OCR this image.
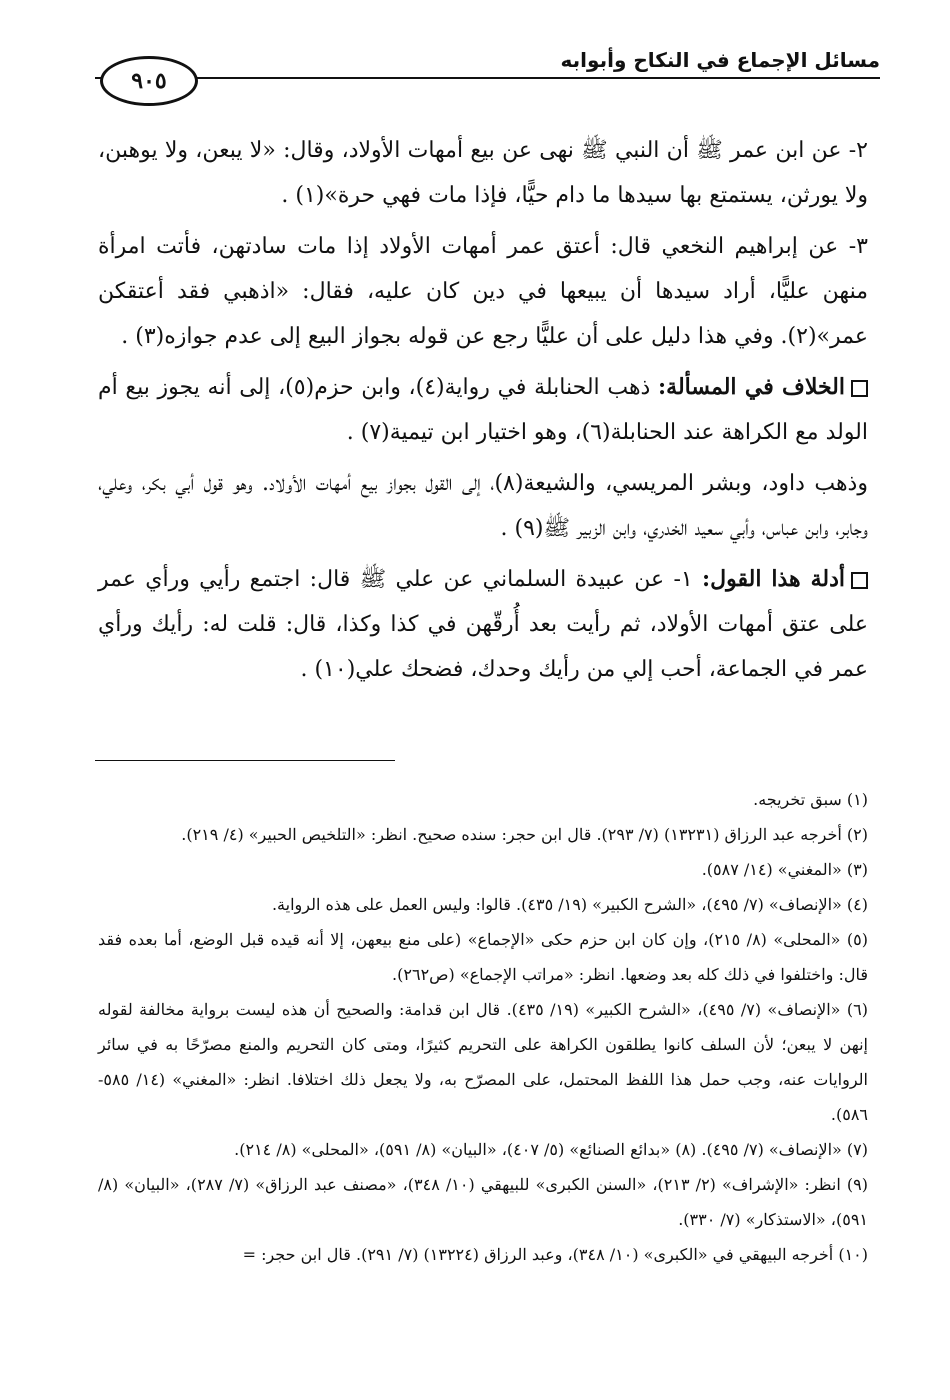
مسائل الإجماع في النكاح وأبوابه
٩٠٥

٢- عن ابن عمر ﷺ أن النبي ﷺ نهى عن بيع أمهات الأولاد، وقال: «لا يبعن، ولا يوهبن، ولا يورثن، يستمتع بها سيدها ما دام حيًّا، فإذا مات فهي حرة»(١) .

٣- عن إبراهيم النخعي قال: أعتق عمر أمهات الأولاد إذا مات سادتهن، فأتت امرأة منهن عليًّا، أراد سيدها أن يبيعها في دين كان عليه، فقال: «اذهبي فقد أعتقكن عمر»(٢). وفي هذا دليل على أن عليًّا رجع عن قوله بجواز البيع إلى عدم جوازه(٣) .

الخلاف في المسألة: ذهب الحنابلة في رواية(٤)، وابن حزم(٥)، إلى أنه يجوز بيع أم الولد مع الكراهة عند الحنابلة(٦)، وهو اختيار ابن تيمية(٧) .

وذهب داود، وبشر المريسي، والشيعة(٨)، إلى القول بجواز بيع أمهات الأولاد. وهو قول أبي بكر، وعلي، وجابر، وابن عباس، وأبي سعيد الخدري، وابن الزبير ﷺ(٩) .

أدلة هذا القول: ١- عن عبيدة السلماني عن علي ﷺ قال: اجتمع رأيي ورأي عمر على عتق أمهات الأولاد، ثم رأيت بعد أُرقّهن في كذا وكذا، قال: قلت له: رأيك ورأي عمر في الجماعة، أحب إلي من رأيك وحدك، فضحك علي(١٠) .

(١) سبق تخريجه.

(٢) أخرجه عبد الرزاق (١٣٢٣١) (٧/ ٢٩٣). قال ابن حجر: سنده صحيح. انظر: «التلخيص الحبير» (٤/ ٢١٩).

(٣) «المغني» (١٤/ ٥٨٧).

(٤) «الإنصاف» (٧/ ٤٩٥)، «الشرح الكبير» (١٩/ ٤٣٥). قالوا: وليس العمل على هذه الرواية.

(٥) «المحلى» (٨/ ٢١٥)، وإن كان ابن حزم حكى «الإجماع» (على منع بيعهن، إلا أنه قيده قبل الوضع، أما بعده فقد قال: واختلفوا في ذلك كله بعد وضعها. انظر: «مراتب الإجماع» (ص٢٦٢).

(٦) «الإنصاف» (٧/ ٤٩٥)، «الشرح الكبير» (١٩/ ٤٣٥). قال ابن قدامة: والصحيح أن هذه ليست برواية مخالفة لقوله إنهن لا يبعن؛ لأن السلف كانوا يطلقون الكراهة على التحريم كثيرًا، ومتى كان التحريم والمنع مصرّحًا به في سائر الروايات عنه، وجب حمل هذا اللفظ المحتمل، على المصرّح به، ولا يجعل ذلك اختلافا. انظر: «المغني» (١٤/ ٥٨٥- ٥٨٦).

(٧) «الإنصاف» (٧/ ٤٩٥). (٨) «بدائع الصنائع» (٥/ ٤٠٧)، «البيان» (٨/ ٥٩١)، «المحلى» (٨/ ٢١٤).

(٩) انظر: «الإشراف» (٢/ ٢١٣)، «السنن الكبرى» للبيهقي (١٠/ ٣٤٨)، «مصنف عبد الرزاق» (٧/ ٢٨٧)، «البيان» (٨/ ٥٩١)، «الاستذكار» (٧/ ٣٣٠).

(١٠) أخرجه البيهقي في «الكبرى» (١٠/ ٣٤٨)، وعبد الرزاق (١٣٢٢٤) (٧/ ٢٩١). قال ابن حجر: =
